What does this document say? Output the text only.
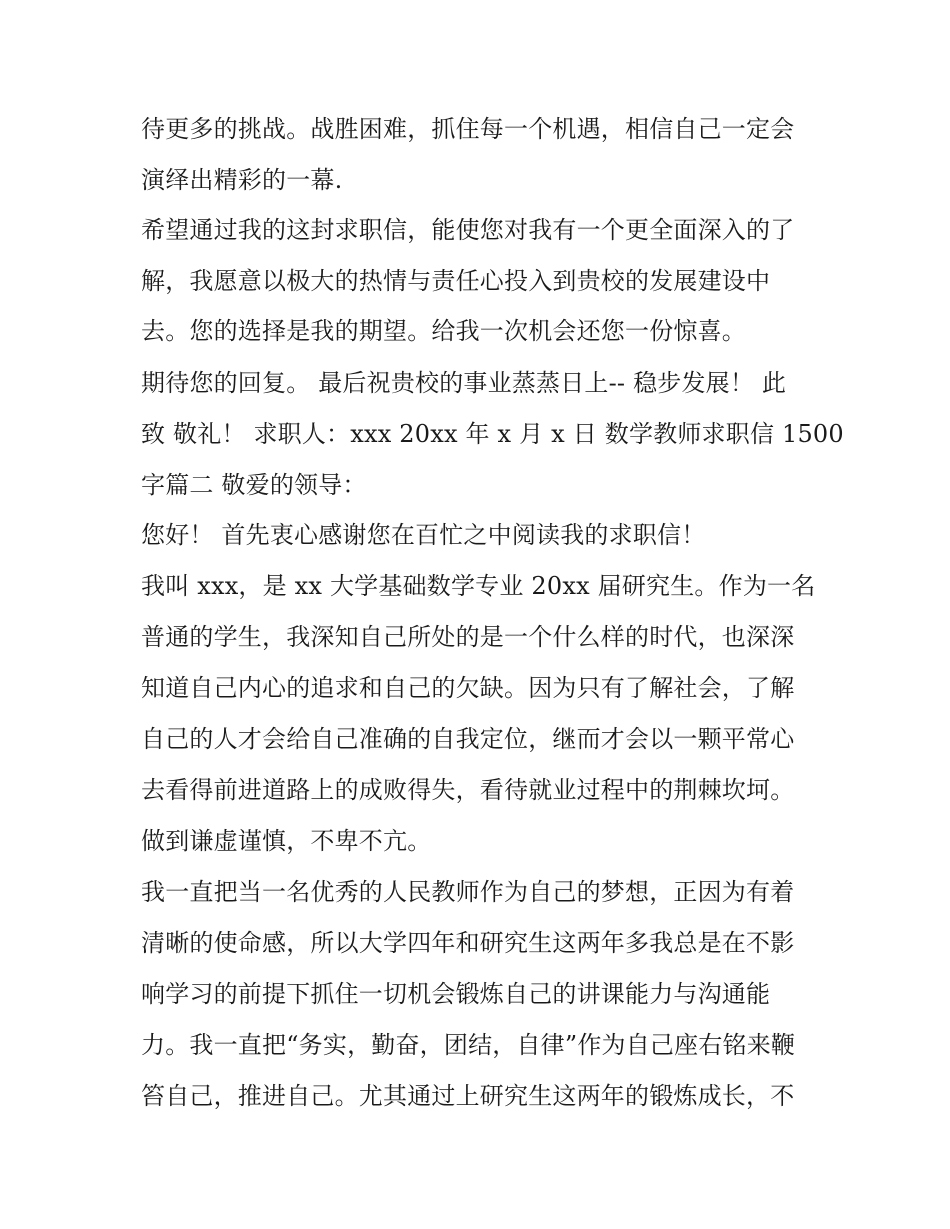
待更多的挑战。战胜困难，抓住每一个机遇，相信自己一定会
演绎出精彩的一幕.
希望通过我的这封求职信，能使您对我有一个更全面深入的了
解，我愿意以极大的热情与责任心投入到贵校的发展建设中
去。您的选择是我的期望。给我一次机会还您一份惊喜。
期待您的回复。 最后祝贵校的事业蒸蒸日上-- 稳步发展！ 此
致 敬礼！ 求职人：xxx 20xx 年 x 月 x 日 数学教师求职信 1500
字篇二 敬爱的领导：
您好！ 首先衷心感谢您在百忙之中阅读我的求职信！
我叫 xxx，是 xx 大学基础数学专业 20xx 届研究生。作为一名
普通的学生，我深知自己所处的是一个什么样的时代，也深深
知道自己内心的追求和自己的欠缺。因为只有了解社会，了解
自己的人才会给自己准确的自我定位，继而才会以一颗平常心
去看得前进道路上的成败得失，看待就业过程中的荆棘坎坷。
做到谦虚谨慎，不卑不亢。
我一直把当一名优秀的人民教师作为自己的梦想，正因为有着
清晰的使命感，所以大学四年和研究生这两年多我总是在不影
响学习的前提下抓住一切机会锻炼自己的讲课能力与沟通能
力。我一直把“务实，勤奋，团结，自律”作为自己座右铭来鞭
笞自己，推进自己。尤其通过上研究生这两年的锻炼成长，不
